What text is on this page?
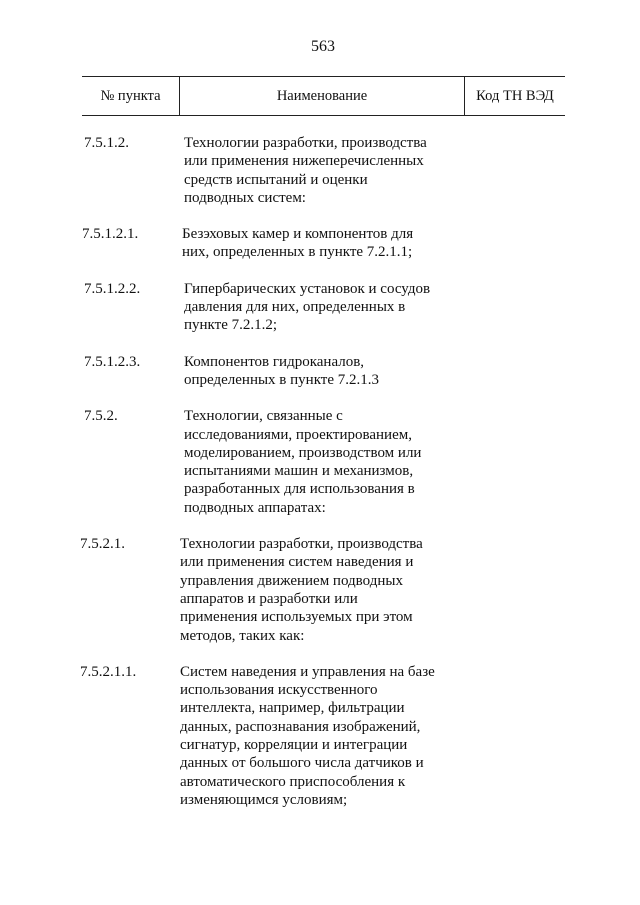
563
№ пункта	Наименование	Код ТН ВЭД
7.5.1.2.	Технологии разработки, производства
или применения нижеперечисленных
средств испытаний и оценки
подводных систем:
7.5.1.2.1.	Безэховых камер и компонентов для
них, определенных в пункте 7.2.1.1;
7.5.1.2.2.	Гипербарических установок и сосудов
давления для них, определенных в
пункте 7.2.1.2;
7.5.1.2.3.	Компонентов гидроканалов,
определенных в пункте 7.2.1.3
7.5.2.	Технологии, связанные с
исследованиями, проектированием,
моделированием, производством или
испытаниями машин и механизмов,
разработанных для использования в
подводных аппаратах:
7.5.2.1.	Технологии разработки, производства
или применения систем наведения и
управления движением подводных
аппаратов и разработки или
применения используемых при этом
методов, таких как:
7.5.2.1.1.	Систем наведения и управления на базе
использования искусственного
интеллекта, например, фильтрации
данных, распознавания изображений,
сигнатур, корреляции и интеграции
данных от большого числа датчиков и
автоматического приспособления к
изменяющимся условиям;
